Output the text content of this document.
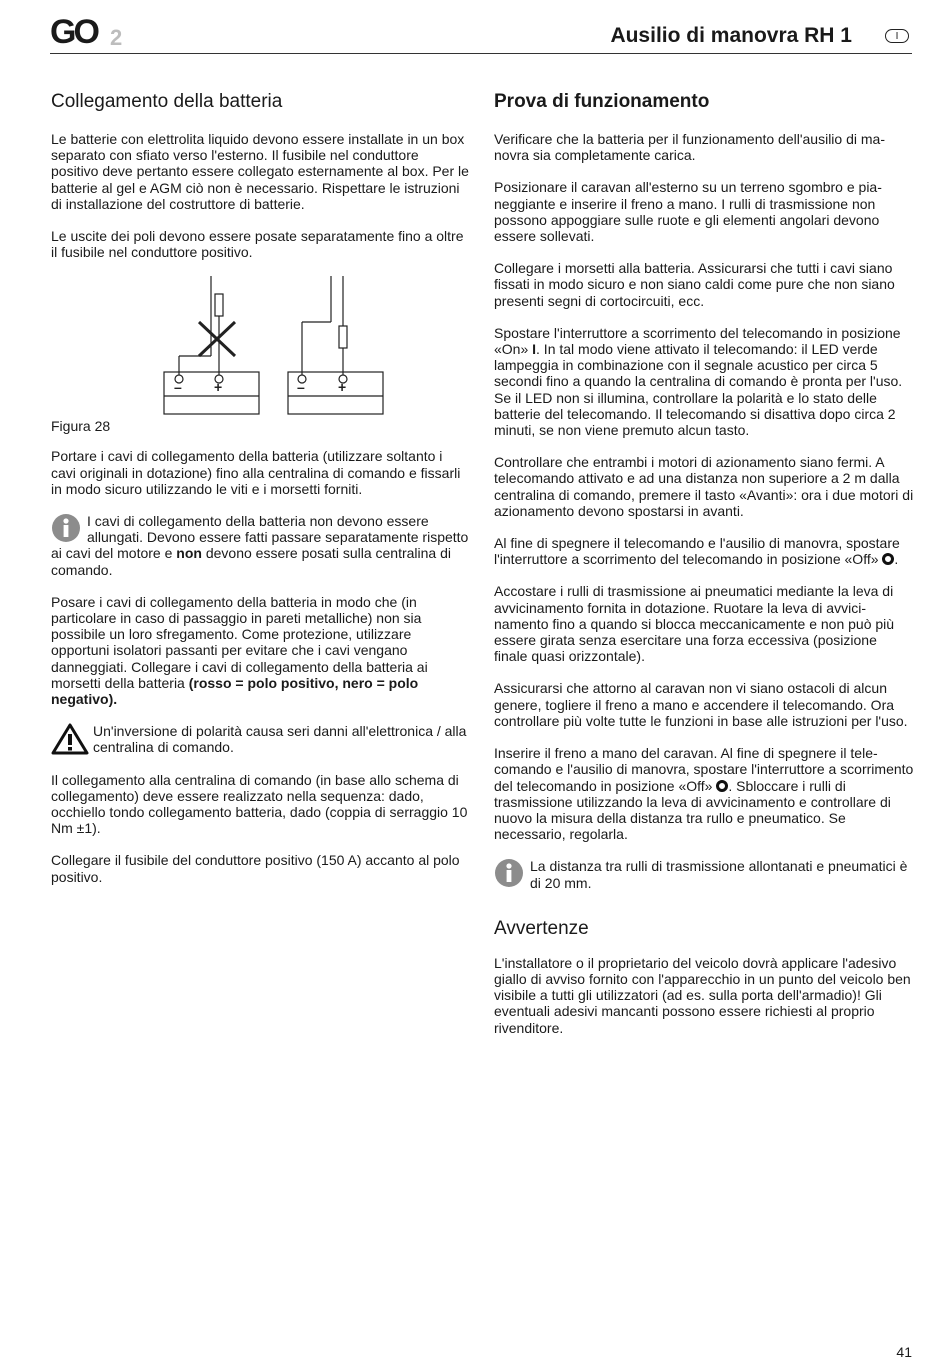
GO 2	Ausilio di manovra RH 1	I
Collegamento della batteria

Le batterie con elettrolita liquido devono essere installate in un box separato con sfiato verso l'esterno. Il fusibile nel conduttore positivo deve pertanto essere collegato esternamente al box. Per le batterie al gel e AGM ciò non è necessario. Rispettare le istruzioni di installazione del costruttore di batterie.

Le uscite dei poli devono essere posate separatamente fino a oltre il fusibile nel conduttore positivo.

– +	– +
Figura 28

Portare i cavi di collegamento della batteria (utilizzare soltanto i cavi originali in dotazione) fino alla centralina di comando e fissarli in modo sicuro utilizzando le viti e i morsetti forniti.

I cavi di collegamento della batteria non devono essere allungati. Devono essere fatti passare separatamente rispetto ai cavi del motore e non devono essere posati sulla centralina di comando.

Posare i cavi di collegamento della batteria in modo che (in particolare in caso di passaggio in pareti metalliche) non sia possibile un loro sfregamento. Come protezione, utilizzare opportuni isolatori passanti per evitare che i cavi vengano danneggiati. Collegare i cavi di collegamento della batteria ai morsetti della batteria (rosso = polo positivo, nero = polo negativo).

Un'inversione di polarità causa seri danni all'elettronica / alla centralina di comando.

Il collegamento alla centralina di comando (in base allo schema di collegamento) deve essere realizzato nella sequenza: dado, occhiello tondo collegamento batteria, dado (coppia di serraggio 10 Nm ±1).

Collegare il fusibile del conduttore positivo (150 A) accanto al polo positivo.

Prova di funzionamento

Verificare che la batteria per il funzionamento dell'ausilio di manovra sia completamente carica.

Posizionare il caravan all'esterno su un terreno sgombro e pianeggiante e inserire il freno a mano. I rulli di trasmissione non possono appoggiare sulle ruote e gli elementi angolari devono essere sollevati.

Collegare i morsetti alla batteria. Assicurarsi che tutti i cavi siano fissati in modo sicuro e non siano caldi come pure che non siano presenti segni di cortocircuiti, ecc.

Spostare l'interruttore a scorrimento del telecomando in posizione «On» I. In tal modo viene attivato il telecomando: il LED verde lampeggia in combinazione con il segnale acustico per circa 5 secondi fino a quando la centralina di comando è pronta per l'uso. Se il LED non si illumina, controllare la polarità e lo stato delle batterie del telecomando. Il telecomando si disattiva dopo circa 2 minuti, se non viene premuto alcun tasto.

Controllare che entrambi i motori di azionamento siano fermi. A telecomando attivato e ad una distanza non superiore a 2 m dalla centralina di comando, premere il tasto «Avanti»: ora i due motori di azionamento devono spostarsi in avanti.

Al fine di spegnere il telecomando e l'ausilio di manovra, spostare l'interruttore a scorrimento del telecomando in posizione «Off» .

Accostare i rulli di trasmissione ai pneumatici mediante la leva di avvicinamento fornita in dotazione. Ruotare la leva di avvicinamento fino a quando si blocca meccanicamente e non può più essere girata senza esercitare una forza eccessiva (posizione finale quasi orizzontale).

Assicurarsi che attorno al caravan non vi siano ostacoli di alcun genere, togliere il freno a mano e accendere il telecomando. Ora controllare più volte tutte le funzioni in base alle istruzioni per l'uso.

Inserire il freno a mano del caravan. Al fine di spegnere il telecomando e l'ausilio di manovra, spostare l'interruttore a scorrimento del telecomando in posizione «Off» . Sbloccare i rulli di trasmissione utilizzando la leva di avvicinamento e controllare di nuovo la misura della distanza tra rullo e pneumatico. Se necessario, regolarla.

La distanza tra rulli di trasmissione allontanati e pneumatici è di 20 mm.

Avvertenze

L'installatore o il proprietario del veicolo dovrà applicare l'adesivo giallo di avviso fornito con l'apparecchio in un punto del veicolo ben visibile a tutti gli utilizzatori (ad es. sulla porta dell'armadio)! Gli eventuali adesivi mancanti possono essere richiesti al proprio rivenditore.

41
